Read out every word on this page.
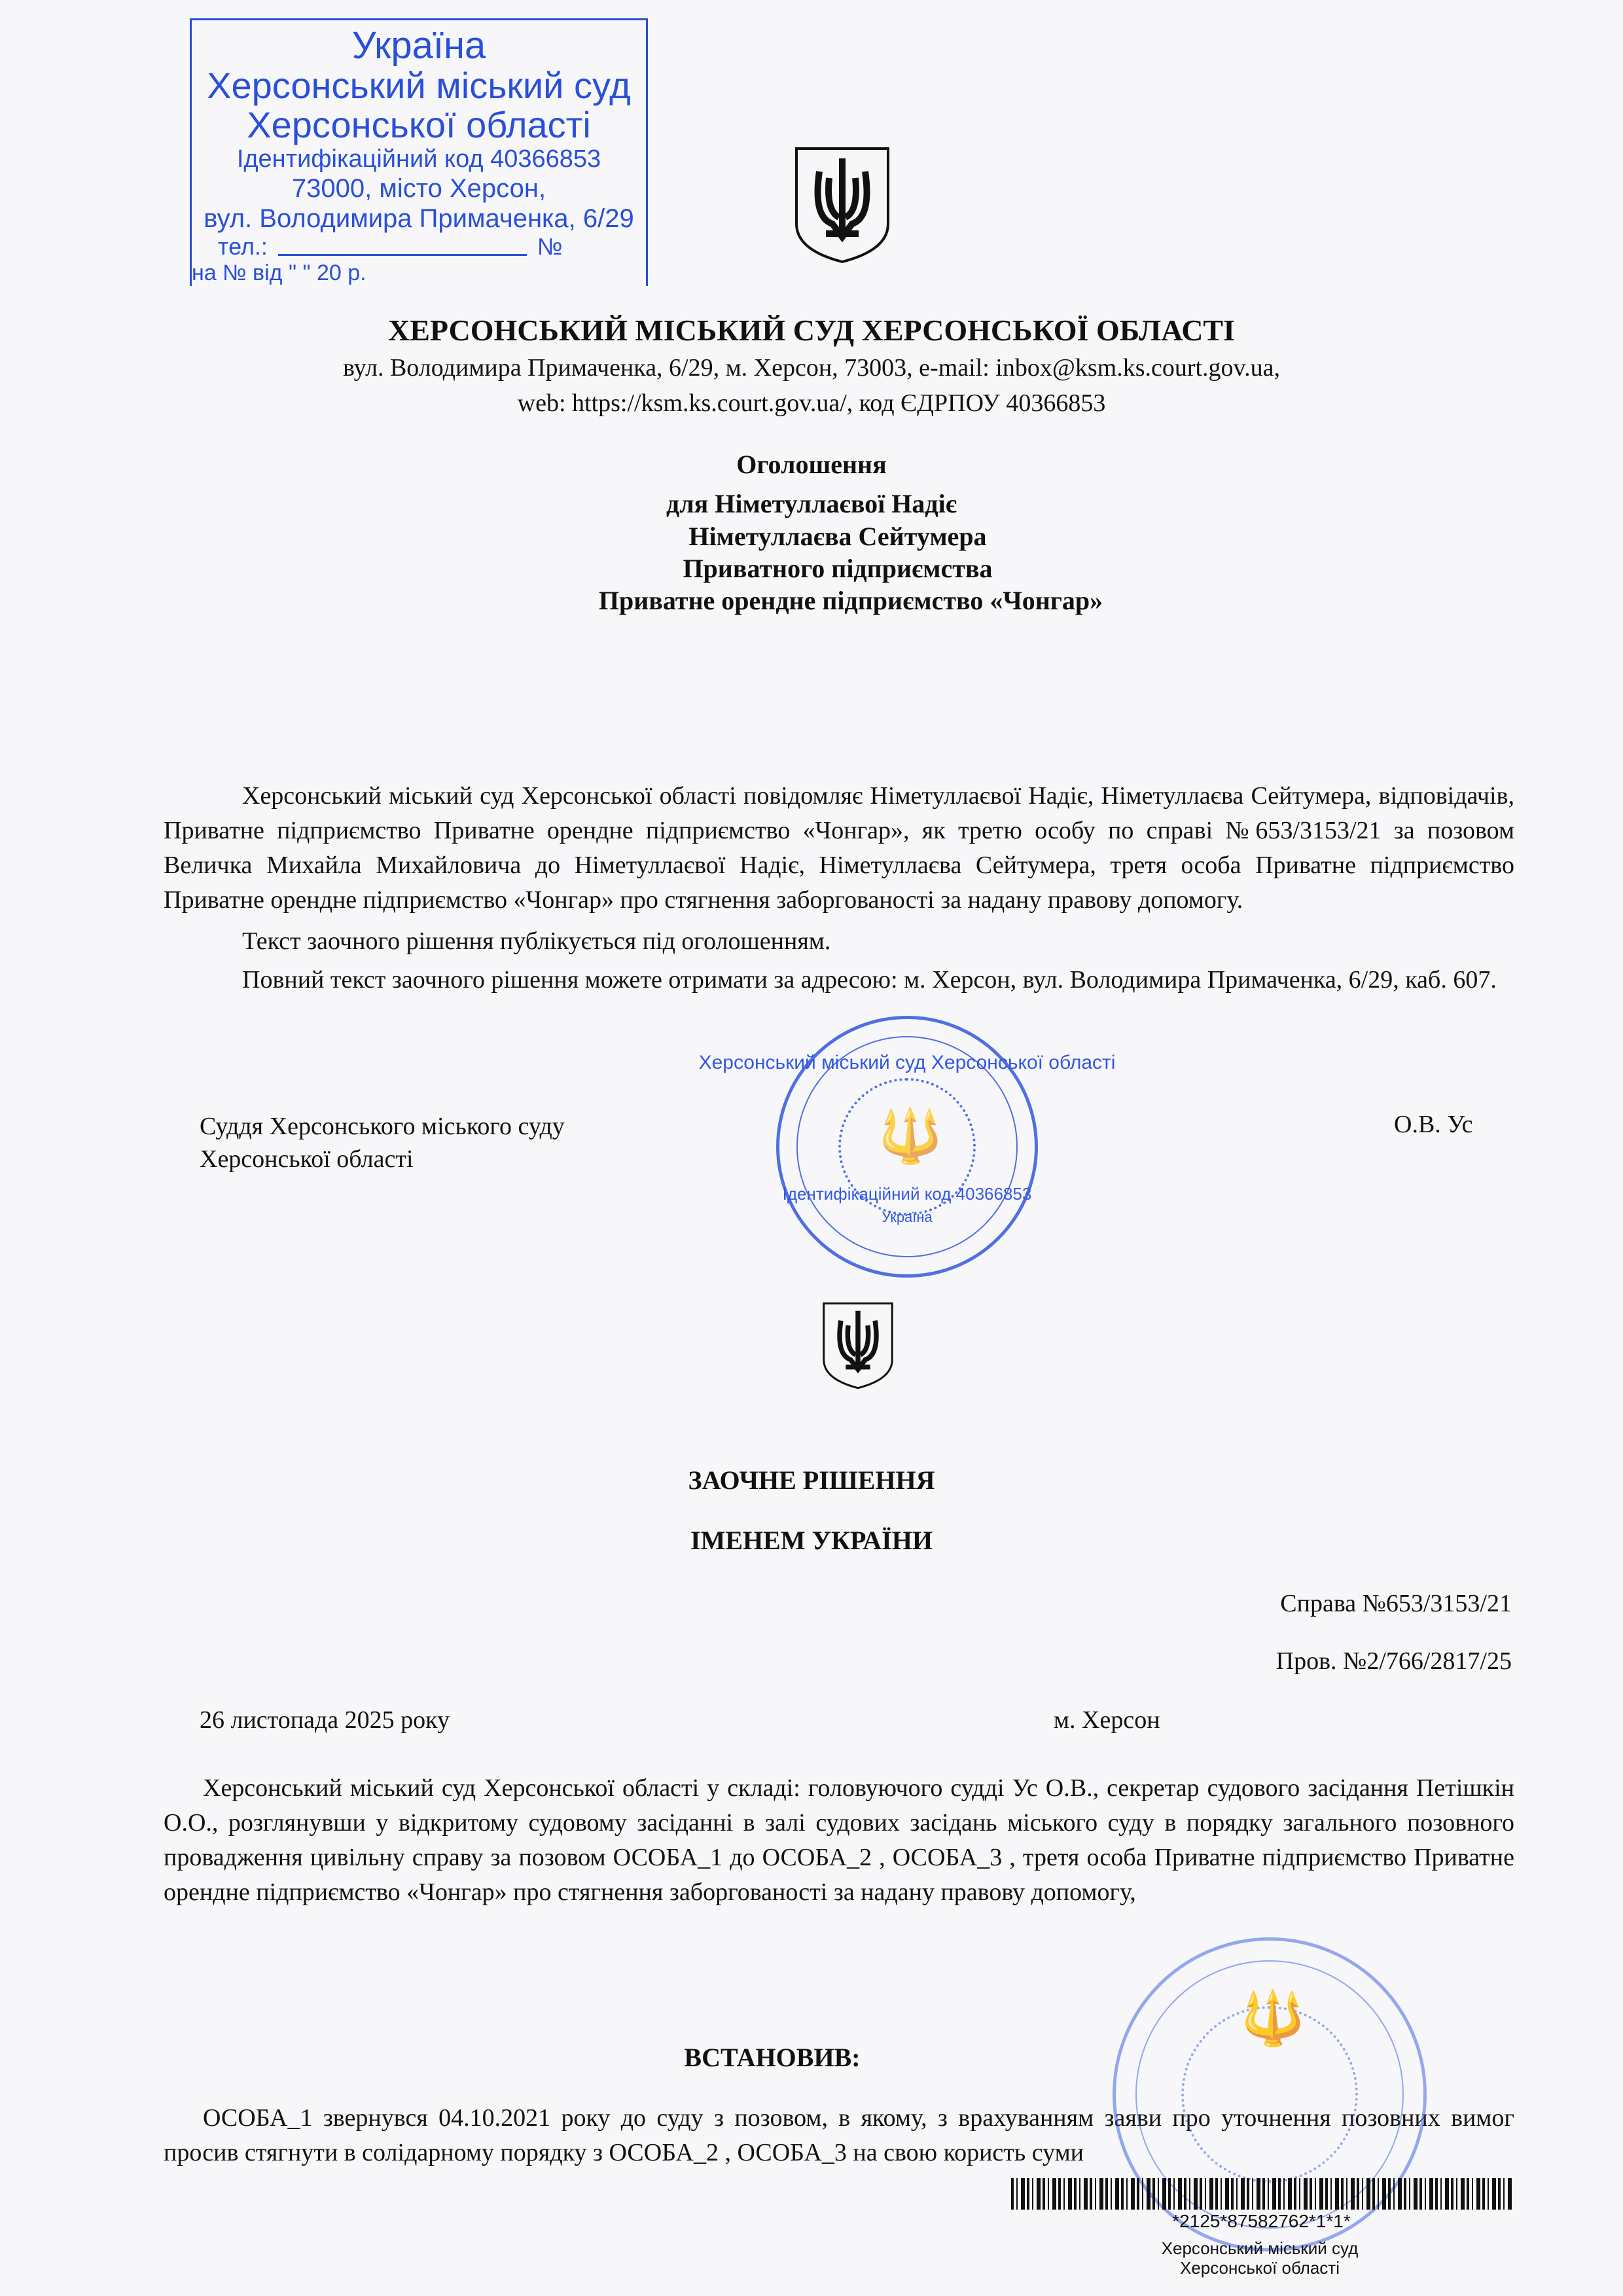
Україна
Херсонський міський суд
Херсонської області
Ідентифікаційний код 40366853
73000, місто Херсон,
вул. Володимира Примаченка, 6/29
тел.:	№
на № від " " 20 р.
ХЕРСОНСЬКИЙ МІСЬКИЙ СУД ХЕРСОНСЬКОЇ ОБЛАСТІ
вул. Володимира Примаченка, 6/29, м. Херсон, 73003, e-mail: inbox@ksm.ks.court.gov.ua,
web: https://ksm.ks.court.gov.ua/, код ЄДРПОУ 40366853
Оголошення
для Німетуллаєвої Надіє
Німетуллаєва Сейтумера
Приватного підприємства
Приватне орендне підприємство «Чонгар»
Херсонський міський суд Херсонської області повідомляє Німетуллаєвої Надіє, Німетуллаєва Сейтумера, відповідачів, Приватне підприємство Приватне орендне підприємство «Чонгар», як третю особу по справі №653/3153/21 за позовом Величка Михайла Михайловича до Німетуллаєвої Надіє, Німетуллаєва Сейтумера, третя особа Приватне підприємство Приватне орендне підприємство «Чонгар» про стягнення заборгованості за надану правову допомогу.
Текст заочного рішення публікується під оголошенням.
Повний текст заочного рішення можете отримати за адресою: м. Херсон, вул. Володимира Примаченка, 6/29, каб. 607.
🔱
Херсонський міський суд Херсонської області
Ідентифікаційний код 40366853
Україна
Суддя Херсонського міського суду
Херсонської області
О.В. Ус
ЗАОЧНЕ РІШЕННЯ
ІМЕНЕМ УКРАЇНИ
Справа №653/3153/21
Пров. №2/766/2817/25
26 листопада 2025 року	м. Херсон
Херсонський міський суд Херсонської області у складі: головуючого судді Ус О.В., секретар судового засідання Петішкін О.О., розглянувши у відкритому судовому засіданні в залі судових засідань міського суду в порядку загального позовного провадження цивільну справу за позовом ОСОБА_1 до ОСОБА_2 , ОСОБА_3 , третя особа Приватне підприємство Приватне орендне підприємство «Чонгар» про стягнення заборгованості за надану правову допомогу,
ВСТАНОВИВ:
ОСОБА_1 звернувся 04.10.2021 року до суду з позовом, в якому, з врахуванням заяви про уточнення позовних вимог просив стягнути в солідарному порядку з ОСОБА_2 , ОСОБА_3 на свою користь суми
🔱
*2125*87582762*1*1*
Херсонський міський суд
Херсонської області
